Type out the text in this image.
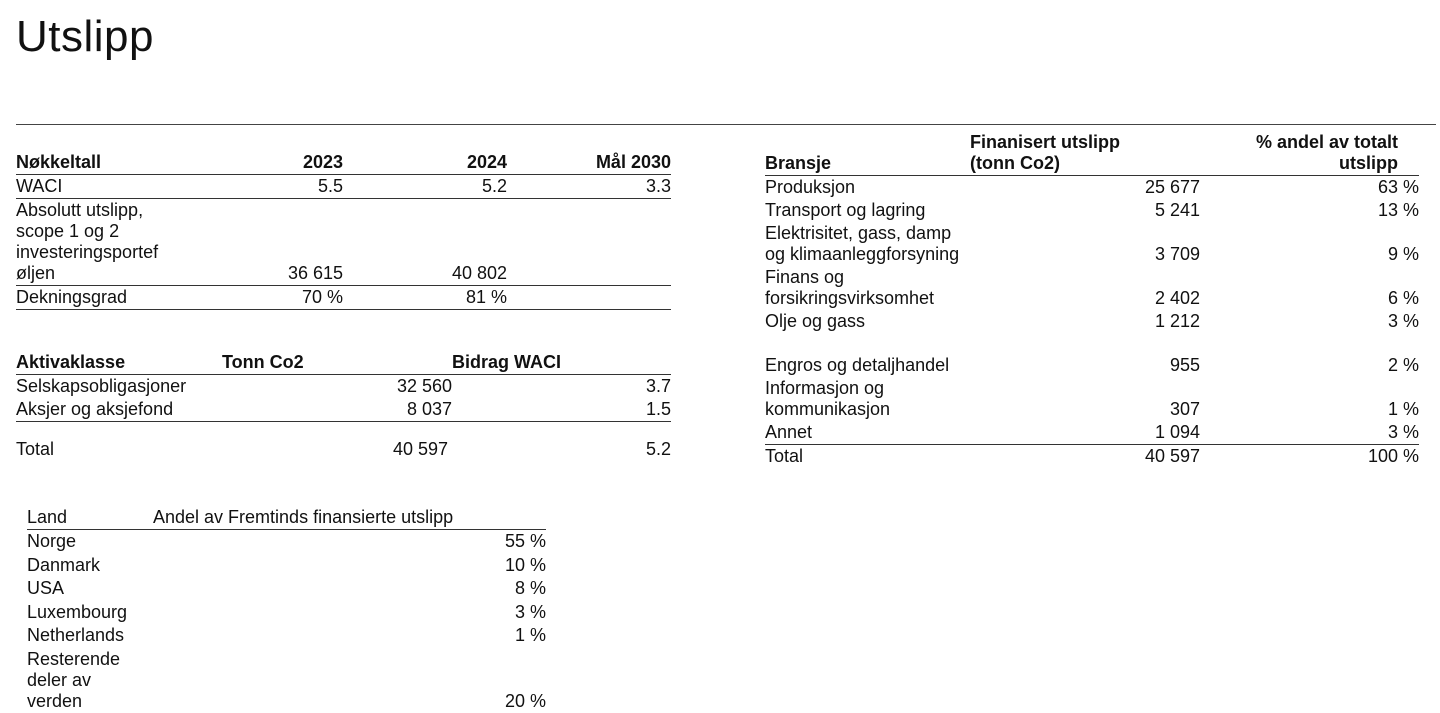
Utslipp
Nøkkeltall	2023	2024	Mål 2030
WACI	5.5	5.2	3.3
Absolutt utslipp, scope 1 og 2 investeringsportef øljen	36 615	40 802	
Dekningsgrad	70 %	81 %	
Aktivaklasse	Tonn Co2	Bidrag WACI
Selskapsobligasjoner	32 560	3.7
Aksjer og aksjefond	8 037	1.5

Total	40 597	5.2
Bransje	Finanisert utslipp (tonn Co2)	% andel av totalt utslipp
Produksjon	25 677	63 %
Transport og lagring	5 241	13 %
Elektrisitet, gass, damp og klimaanleggforsyning	3 709	9 %
Finans og forsikringsvirksomhet	2 402	6 %
Olje og gass	1 212	3 %
Engros og detaljhandel	955	2 %
Informasjon og kommunikasjon	307	1 %
Annet	1 094	3 %
Total	40 597	100 %
Land	Andel av Fremtinds finansierte utslipp
Norge	55 %
Danmark	10 %
USA	8 %
Luxembourg	3 %
Netherlands	1 %
Resterende deler av verden	20 %
